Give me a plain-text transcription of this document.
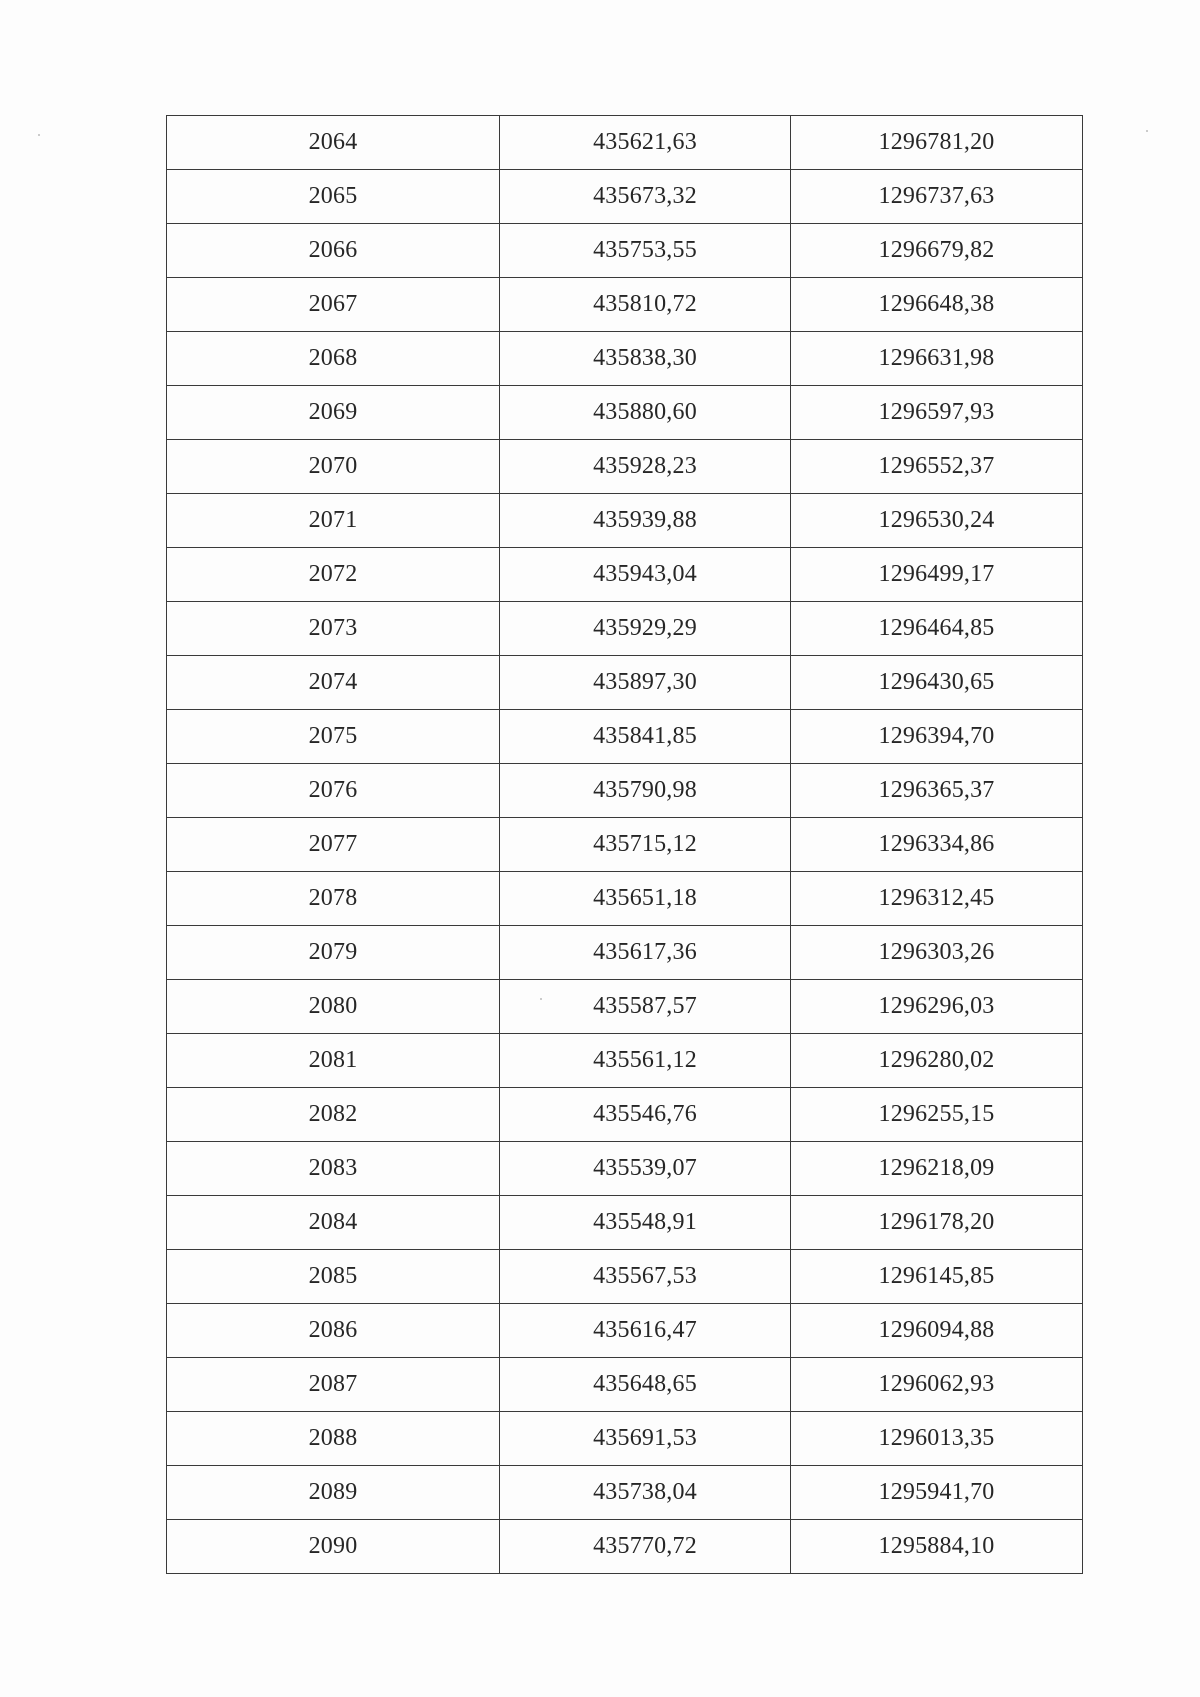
2064	435621,63	1296781,20
2065	435673,32	1296737,63
2066	435753,55	1296679,82
2067	435810,72	1296648,38
2068	435838,30	1296631,98
2069	435880,60	1296597,93
2070	435928,23	1296552,37
2071	435939,88	1296530,24
2072	435943,04	1296499,17
2073	435929,29	1296464,85
2074	435897,30	1296430,65
2075	435841,85	1296394,70
2076	435790,98	1296365,37
2077	435715,12	1296334,86
2078	435651,18	1296312,45
2079	435617,36	1296303,26
2080	435587,57	1296296,03
2081	435561,12	1296280,02
2082	435546,76	1296255,15
2083	435539,07	1296218,09
2084	435548,91	1296178,20
2085	435567,53	1296145,85
2086	435616,47	1296094,88
2087	435648,65	1296062,93
2088	435691,53	1296013,35
2089	435738,04	1295941,70
2090	435770,72	1295884,10
